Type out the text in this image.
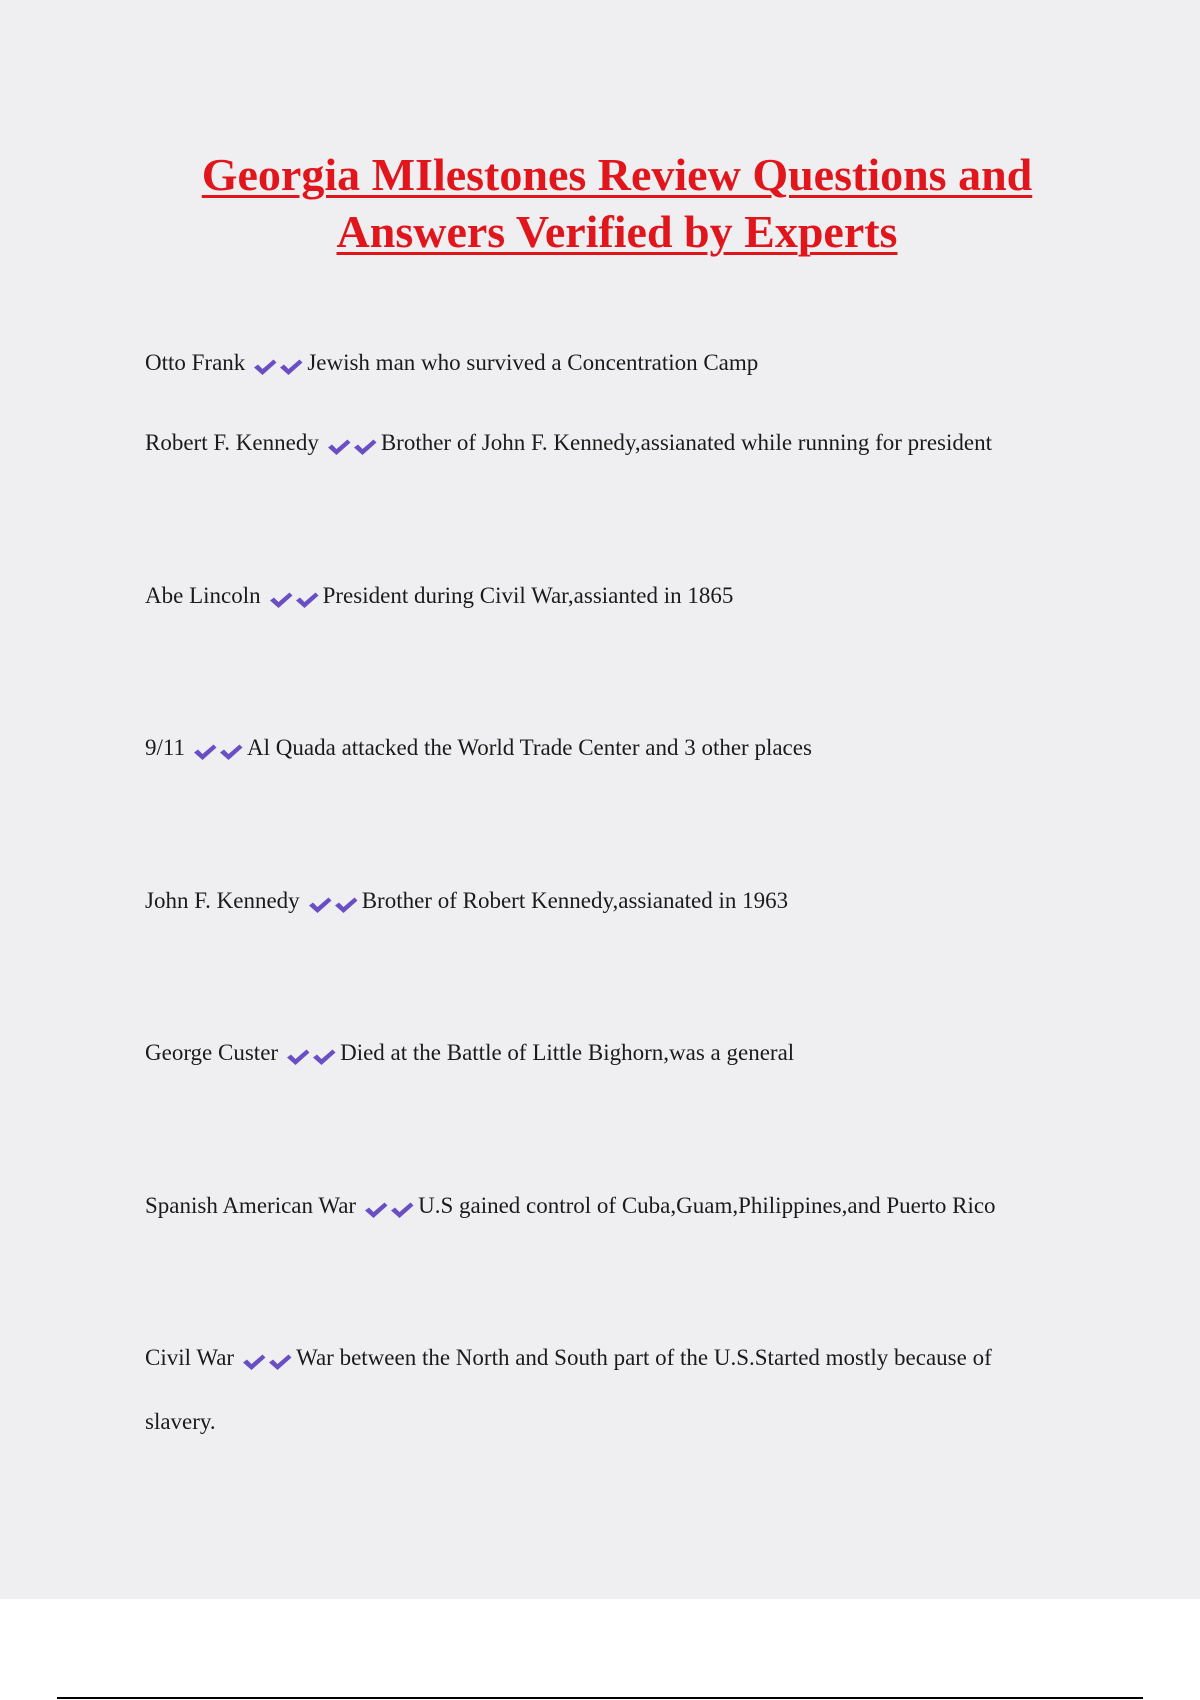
Georgia MIlestones Review Questions and Answers Verified by Experts
Otto Frank	Jewish man who survived a Concentration Camp
Robert F. Kennedy	Brother of John F. Kennedy,assianated while running for president
Abe Lincoln	President during Civil War,assianted in 1865
9/11	Al Quada attacked the World Trade Center and 3 other places
John F. Kennedy	Brother of Robert Kennedy,assianated in 1963
George Custer	Died at the Battle of Little Bighorn,was a general
Spanish American War	U.S gained control of Cuba,Guam,Philippines,and Puerto Rico
Civil War	War between the North and South part of the U.S.Started mostly because of slavery.
